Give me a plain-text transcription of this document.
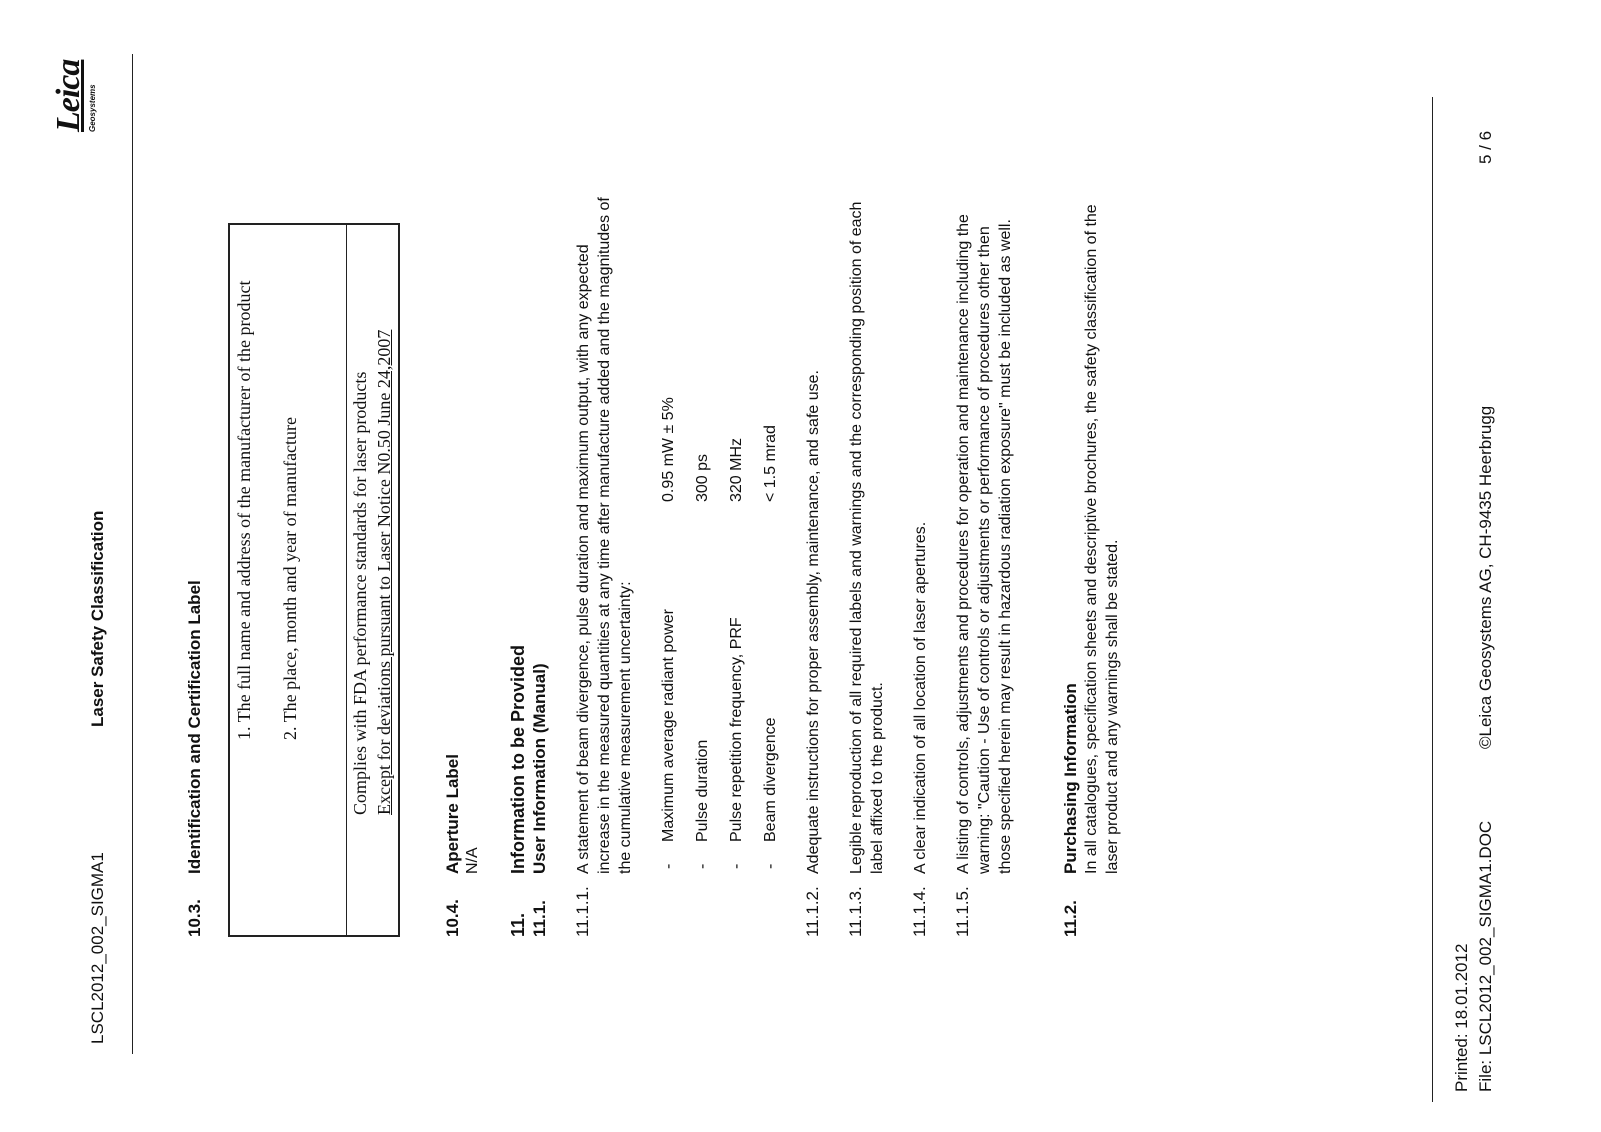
LSCL2012_002_SIGMA1
Laser Safety Classification
Leica Geosystems
10.3.
Identification and Certification Label 1. The full name and address of the manufacturer of the product 2. The place, month and year of manufacture	Complies with FDA performance standards for laser products Except for deviations pursuant to Laser Notice N0.50 June 24,2007
10.4.
Aperture Label N/A
11.
Information to be Provided
11.1.
User Information (Manual)
11.1.1.
A statement of beam divergence, pulse duration and maximum output, with any expected increase in the measured quantities at any time after manufacture added and the magnitudes of the cumulative measurement uncertainty: -
Maximum average radiant power
0.95 mW ± 5%
-
Pulse duration
300 ps
-
Pulse repetition frequency, PRF
320 MHz
-
Beam divergence
< 1.5 mrad
11.1.2.
Adequate instructions for proper assembly, maintenance, and safe use.
11.1.3.
Legible reproduction of all required labels and warnings and the corresponding position of each label affixed to the product.
11.1.4.
A clear indication of all location of laser apertures.
11.1.5.
A listing of controls, adjustments and procedures for operation and maintenance including the warning: "Caution - Use of controls or adjustments or performance of procedures other then those specified herein may result in hazardous radiation exposure" must be included as well.
11.2.
Purchasing Information In all catalogues, specification sheets and descriptive brochures, the safety classification of the laser product and any warnings shall be stated.
Printed: 18.01.2012 File: LSCL2012_002_SIGMA1.DOC
©Leica Geosystems AG, CH-9435 Heerbrugg
5 / 6
